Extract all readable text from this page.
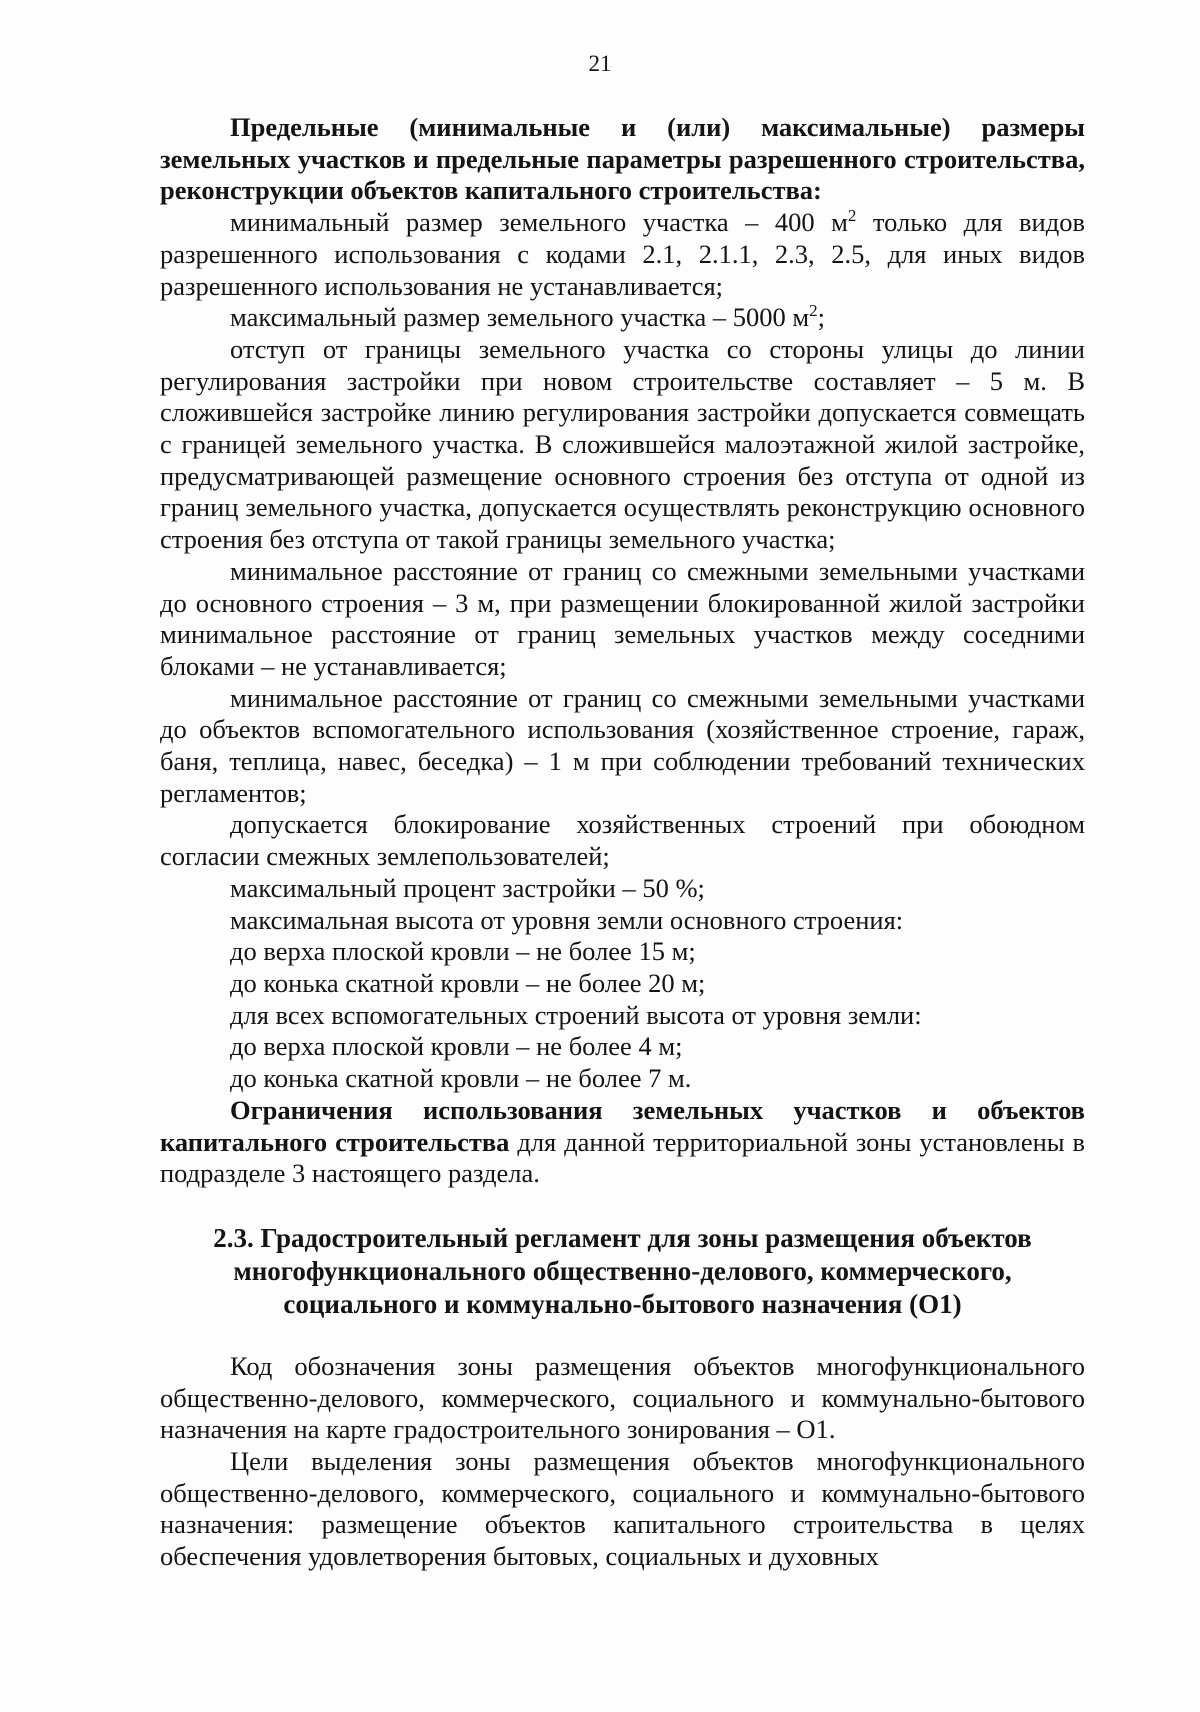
21

Предельные (минимальные и (или) максимальные) размеры земельных участков и предельные параметры разрешенного строительства, реконструкции объектов капитального строительства:

минимальный размер земельного участка – 400 $м^2$ только для видов разрешенного использования с кодами 2.1, 2.1.1, 2.3, 2.5, для иных видов разрешенного использования не устанавливается;

максимальный размер земельного участка – 5000 $м^2$;

отступ от границы земельного участка со стороны улицы до линии регулирования застройки при новом строительстве составляет – 5 м. В сложившейся застройке линию регулирования застройки допускается совмещать с границей земельного участка. В сложившейся малоэтажной жилой застройке, предусматривающей размещение основного строения без отступа от одной из границ земельного участка, допускается осуществлять реконструкцию основного строения без отступа от такой границы земельного участка;

минимальное расстояние от границ со смежными земельными участками до основного строения – 3 м, при размещении блокированной жилой застройки минимальное расстояние от границ земельных участков между соседними блоками – не устанавливается;

минимальное расстояние от границ со смежными земельными участками до объектов вспомогательного использования (хозяйственное строение, гараж, баня, теплица, навес, беседка) – 1 м при соблюдении требований технических регламентов;

допускается блокирование хозяйственных строений при обоюдном согласии смежных землепользователей;

максимальный процент застройки – 50 %;

максимальная высота от уровня земли основного строения:

до верха плоской кровли – не более 15 м;

до конька скатной кровли – не более 20 м;

для всех вспомогательных строений высота от уровня земли:

до верха плоской кровли – не более 4 м;

до конька скатной кровли – не более 7 м.

Ограничения использования земельных участков и объектов капитального строительства для данной территориальной зоны установлены в подразделе 3 настоящего раздела.

2.3. Градостроительный регламент для зоны размещения объектов

многофункционального общественно-делового, коммерческого,

социального и коммунально-бытового назначения (О1)

Код обозначения зоны размещения объектов многофункционального общественно-делового, коммерческого, социального и коммунально-бытового назначения на карте градостроительного зонирования – О1.

Цели выделения зоны размещения объектов многофункционального общественно-делового, коммерческого, социального и коммунально-бытового назначения: размещение объектов капитального строительства в целях обеспечения удовлетворения бытовых, социальных и духовных
